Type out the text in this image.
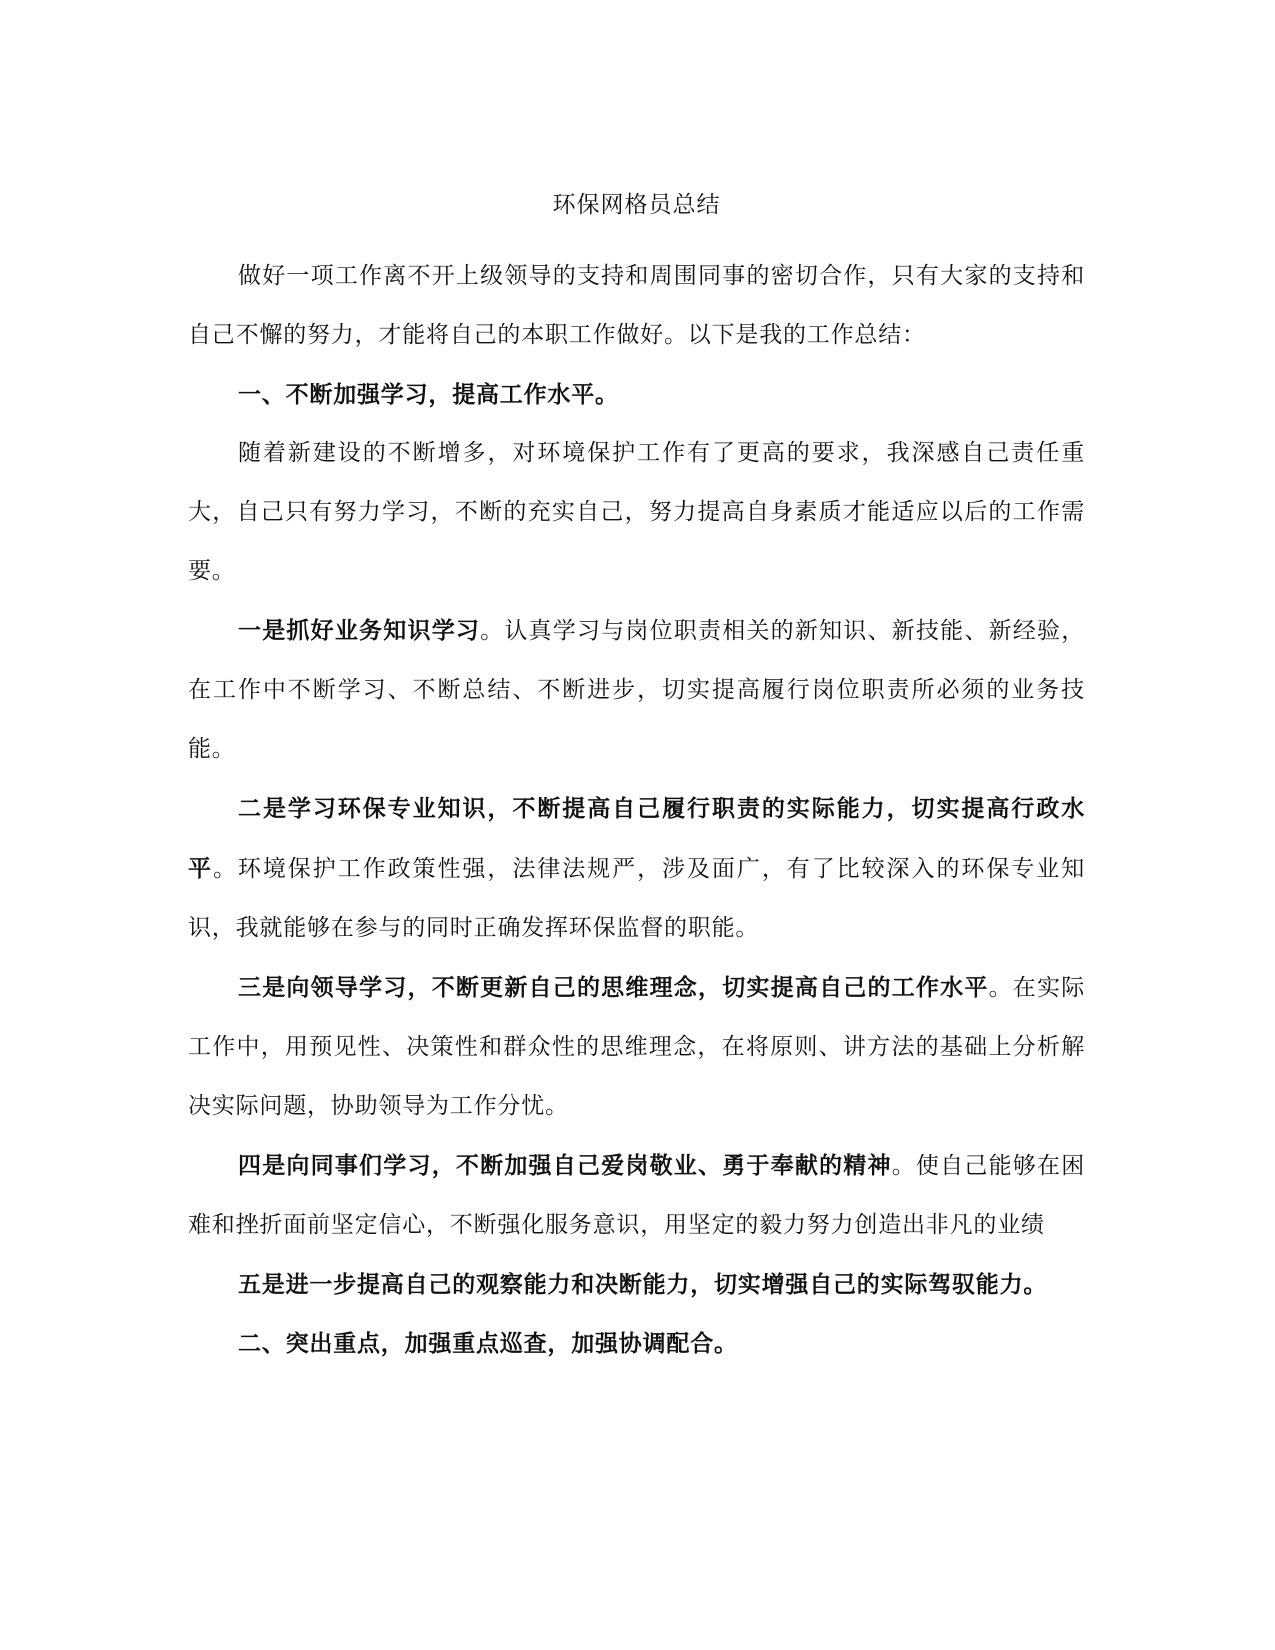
环保网格员总结

做好一项工作离不开上级领导的支持和周围同事的密切合作，只有大家的支持和自己不懈的努力，才能将自己的本职工作做好。以下是我的工作总结：

一、不断加强学习，提高工作水平。

随着新建设的不断增多，对环境保护工作有了更高的要求，我深感自己责任重大，自己只有努力学习，不断的充实自己，努力提高自身素质才能适应以后的工作需要。

一是抓好业务知识学习。认真学习与岗位职责相关的新知识、新技能、新经验，在工作中不断学习、不断总结、不断进步，切实提高履行岗位职责所必须的业务技能。

二是学习环保专业知识，不断提高自己履行职责的实际能力，切实提高行政水平。环境保护工作政策性强，法律法规严，涉及面广，有了比较深入的环保专业知识，我就能够在参与的同时正确发挥环保监督的职能。

三是向领导学习，不断更新自己的思维理念，切实提高自己的工作水平。在实际工作中，用预见性、决策性和群众性的思维理念，在将原则、讲方法的基础上分析解决实际问题，协助领导为工作分忧。

四是向同事们学习，不断加强自己爱岗敬业、勇于奉献的精神。使自己能够在困难和挫折面前坚定信心，不断强化服务意识，用坚定的毅力努力创造出非凡的业绩

五是进一步提高自己的观察能力和决断能力，切实增强自己的实际驾驭能力。

二、突出重点，加强重点巡查，加强协调配合。
